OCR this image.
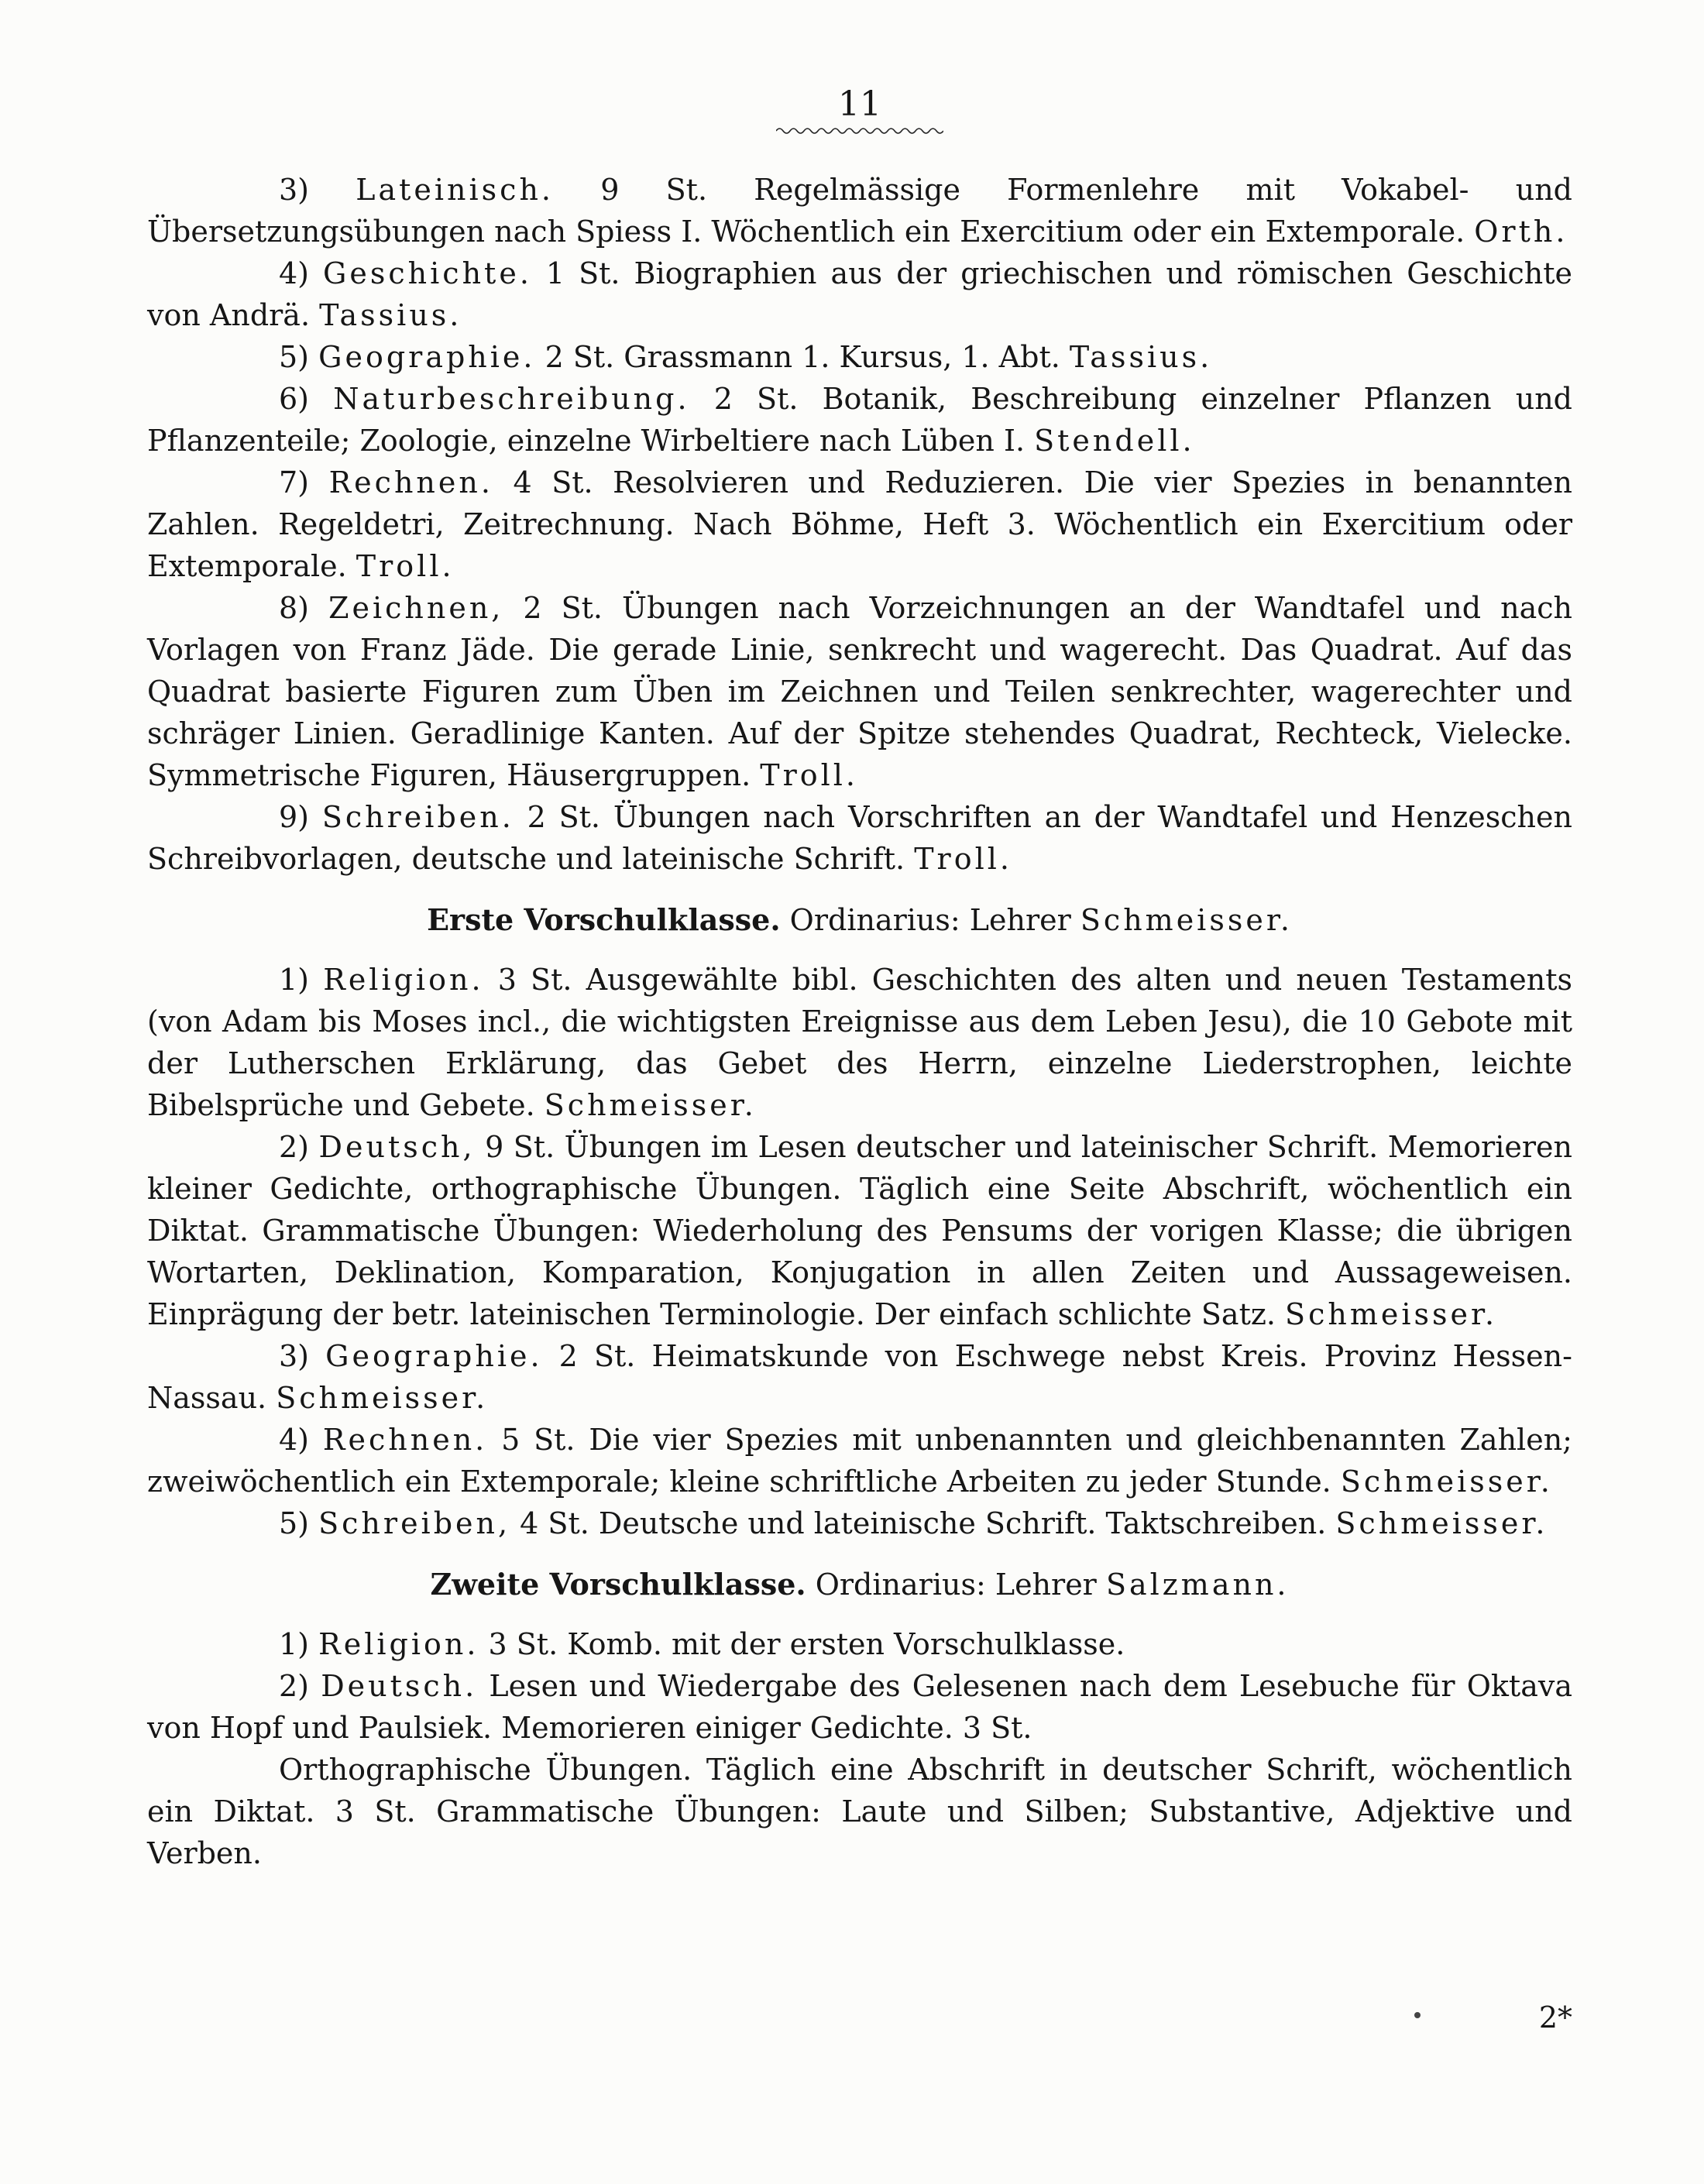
11

3) Lateinisch. 9 St. Regelmässige Formenlehre mit Vokabel- und Übersetzungsübungen nach Spiess I. Wöchentlich ein Exercitium oder ein Extemporale. Orth.

4) Geschichte. 1 St. Biographien aus der griechischen und römischen Geschichte von Andrä. Tassius.

5) Geographie. 2 St. Grassmann 1. Kursus, 1. Abt. Tassius.

6) Naturbeschreibung. 2 St. Botanik, Beschreibung einzelner Pflanzen und Pflanzenteile; Zoologie, einzelne Wirbeltiere nach Lüben I. Stendell.

7) Rechnen. 4 St. Resolvieren und Reduzieren. Die vier Spezies in benannten Zahlen. Regeldetri, Zeitrechnung. Nach Böhme, Heft 3. Wöchentlich ein Exercitium oder Extemporale. Troll.

8) Zeichnen, 2 St. Übungen nach Vorzeichnungen an der Wandtafel und nach Vorlagen von Franz Jäde. Die gerade Linie, senkrecht und wagerecht. Das Quadrat. Auf das Quadrat basierte Figuren zum Üben im Zeichnen und Teilen senkrechter, wagerechter und schräger Linien. Geradlinige Kanten. Auf der Spitze stehendes Quadrat, Rechteck, Vielecke. Symmetrische Figuren, Häusergruppen. Troll.

9) Schreiben. 2 St. Übungen nach Vorschriften an der Wandtafel und Henzeschen Schreibvorlagen, deutsche und lateinische Schrift. Troll.

Erste Vorschulklasse. Ordinarius: Lehrer Schmeisser.

1) Religion. 3 St. Ausgewählte bibl. Geschichten des alten und neuen Testaments (von Adam bis Moses incl., die wichtigsten Ereignisse aus dem Leben Jesu), die 10 Gebote mit der Lutherschen Erklärung, das Gebet des Herrn, einzelne Liederstrophen, leichte Bibelsprüche und Gebete. Schmeisser.

2) Deutsch, 9 St. Übungen im Lesen deutscher und lateinischer Schrift. Memorieren kleiner Gedichte, orthographische Übungen. Täglich eine Seite Abschrift, wöchentlich ein Diktat. Grammatische Übungen: Wiederholung des Pensums der vorigen Klasse; die übrigen Wortarten, Deklination, Komparation, Konjugation in allen Zeiten und Aussageweisen. Einprägung der betr. lateinischen Terminologie. Der einfach schlichte Satz. Schmeisser.

3) Geographie. 2 St. Heimatskunde von Eschwege nebst Kreis. Provinz Hessen-Nassau. Schmeisser.

4) Rechnen. 5 St. Die vier Spezies mit unbenannten und gleichbenannten Zahlen; zweiwöchentlich ein Extemporale; kleine schriftliche Arbeiten zu jeder Stunde. Schmeisser.

5) Schreiben, 4 St. Deutsche und lateinische Schrift. Taktschreiben. Schmeisser.

Zweite Vorschulklasse. Ordinarius: Lehrer Salzmann.

1) Religion. 3 St. Komb. mit der ersten Vorschulklasse.

2) Deutsch. Lesen und Wiedergabe des Gelesenen nach dem Lesebuche für Oktava von Hopf und Paulsiek. Memorieren einiger Gedichte. 3 St.

Orthographische Übungen. Täglich eine Abschrift in deutscher Schrift, wöchentlich ein Diktat. 3 St. Grammatische Übungen: Laute und Silben; Substantive, Adjektive und Verben.

2*
